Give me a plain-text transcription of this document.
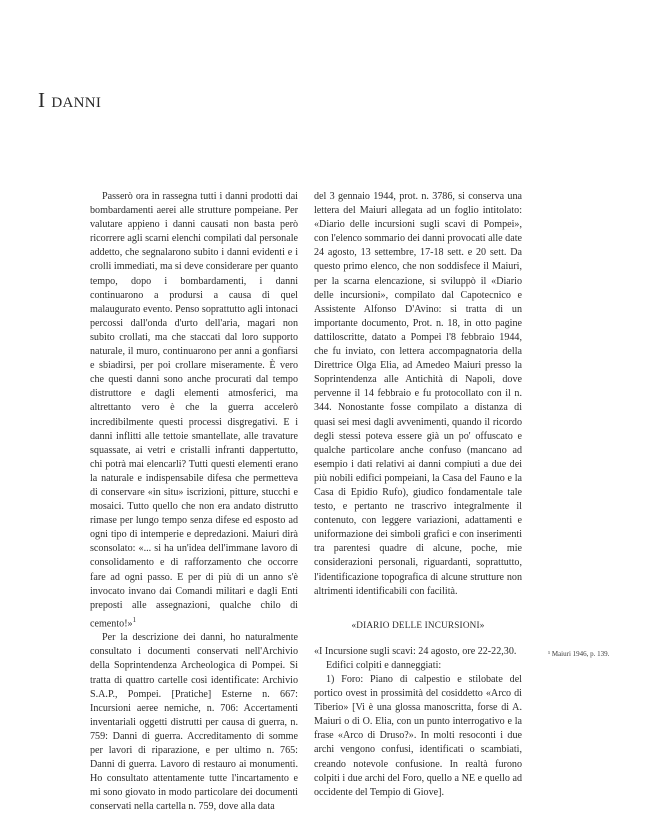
I DANNI

Passerò ora in rassegna tutti i danni prodotti dai bombardamenti aerei alle strutture pompeiane. Per valutare appieno i danni causati non basta però ricorrere agli scarni elenchi compilati dal personale addetto, che segnalarono subito i danni evidenti e i crolli immediati, ma si deve considerare per quanto tempo, dopo i bombardamenti, i danni continuarono a prodursi a causa di quel malaugurato evento. Penso soprattutto agli intonaci percossi dall'onda d'urto dell'aria, magari non subito crollati, ma che staccati dal loro supporto naturale, il muro, continuarono per anni a gonfiarsi e sbiadirsi, per poi crollare miseramente. È vero che questi danni sono anche procurati dal tempo distruttore e dagli elementi atmosferici, ma altrettanto vero è che la guerra accelerò incredibilmente questi processi disgregativi. E i danni inflitti alle tettoie smantellate, alle travature squassate, ai vetri e cristalli infranti dappertutto, chi potrà mai elencarli? Tutti questi elementi erano la naturale e indispensabile difesa che permetteva di conservare «in situ» iscrizioni, pitture, stucchi e mosaici. Tutto quello che non era andato distrutto rimase per lungo tempo senza difese ed esposto ad ogni tipo di intemperie e depredazioni. Maiuri dirà sconsolato: «... si ha un'idea dell'immane lavoro di consolidamento e di rafforzamento che occorre fare ad ogni passo. E per di più di un anno s'è invocato invano dai Comandi militari e dagli Enti preposti alle assegnazioni, qualche chilo di cemento!»$^1$

Per la descrizione dei danni, ho naturalmente consultato i documenti conservati nell'Archivio della Soprintendenza Archeologica di Pompei. Si tratta di quattro cartelle così identificate: Archivio S.A.P., Pompei. [Pratiche] Esterne n. 667: Incursioni aeree nemiche, n. 706: Accertamenti inventariali oggetti distrutti per causa di guerra, n. 759: Danni di guerra. Accreditamento di somme per lavori di riparazione, e per ultimo n. 765: Danni di guerra. Lavoro di restauro ai monumenti. Ho consultato attentamente tutte l'incartamento e mi sono giovato in modo particolare dei documenti conservati nella cartella n. 759, dove alla data

del 3 gennaio 1944, prot. n. 3786, si conserva una lettera del Maiuri allegata ad un foglio intitolato: «Diario delle incursioni sugli scavi di Pompei», con l'elenco sommario dei danni provocati alle date 24 agosto, 13 settembre, 17-18 sett. e 20 sett. Da questo primo elenco, che non soddisfece il Maiuri, per la scarna elencazione, si sviluppò il «Diario delle incursioni», compilato dal Capotecnico e Assistente Alfonso D'Avino: si tratta di un importante documento, Prot. n. 18, in otto pagine dattiloscritte, datato a Pompei l'8 febbraio 1944, che fu inviato, con lettera accompagnatoria della Direttrice Olga Elia, ad Amedeo Maiuri presso la Soprintendenza alle Antichità di Napoli, dove pervenne il 14 febbraio e fu protocollato con il n. 344. Nonostante fosse compilato a distanza di quasi sei mesi dagli avvenimenti, quando il ricordo degli stessi poteva essere già un po' offuscato e qualche particolare anche confuso (mancano ad esempio i dati relativi ai danni compiuti a due dei più nobili edifici pompeiani, la Casa del Fauno e la Casa di Epidio Rufo), giudico fondamentale tale testo, e pertanto ne trascrivo integralmente il contenuto, con leggere variazioni, adattamenti e uniformazione dei simboli grafici e con inserimenti tra parentesi quadre di alcune, poche, mie considerazioni personali, riguardanti, soprattutto, l'identificazione topografica di alcune strutture non altrimenti identificabili con facilità.

«DIARIO DELLE INCURSIONI»

«I Incursione sugli scavi: 24 agosto, ore 22-22,30.

Edifici colpiti e danneggiati:

1) Foro: Piano di calpestio e stilobate del portico ovest in prossimità del cosiddetto «Arco di Tiberio» [Vi è una glossa manoscritta, forse di A. Maiuri o di O. Elia, con un punto interrogativo e la frase «Arco di Druso?». In molti resoconti i due archi vengono confusi, identificati o scambiati, creando notevole confusione. In realtà furono colpiti i due archi del Foro, quello a NE e quello ad occidente del Tempio di Giove].

¹ Maiuri 1946, p. 139.
